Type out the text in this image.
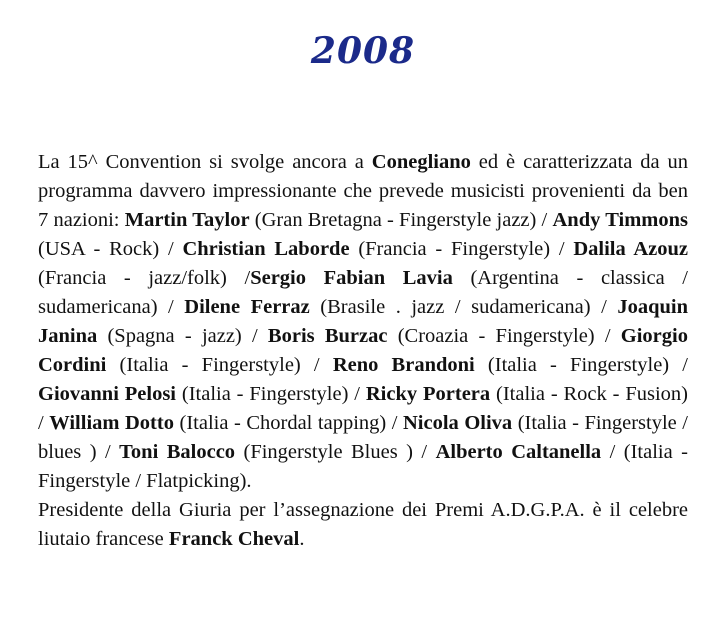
2008

La 15^ Convention si svolge ancora a Conegliano ed è caratterizzata da un programma davvero impressionante che prevede musicisti provenienti da ben 7 nazioni: Martin Taylor (Gran Bretagna - Fingerstyle jazz) / Andy Timmons (USA - Rock) / Christian Laborde (Francia - Fingerstyle) / Dalila Azouz (Francia - jazz/folk) /Sergio Fabian Lavia (Argentina - classica / sudamericana) / Dilene Ferraz (Brasile . jazz / sudamericana) / Joaquin Janina (Spagna - jazz) / Boris Burzac (Croazia - Fingerstyle) / Giorgio Cordini (Italia - Fingerstyle) / Reno Brandoni (Italia - Fingerstyle) / Giovanni Pelosi (Italia - Fingerstyle) / Ricky Portera (Italia - Rock - Fusion) / William Dotto (Italia - Chordal tapping) / Nicola Oliva (Italia - Fingerstyle / blues ) / Toni Balocco (Fingerstyle Blues ) / Alberto Caltanella / (Italia - Fingerstyle / Flatpicking).

Presidente della Giuria per l’assegnazione dei Premi A.D.G.P.A. è il celebre liutaio francese Franck Cheval.
